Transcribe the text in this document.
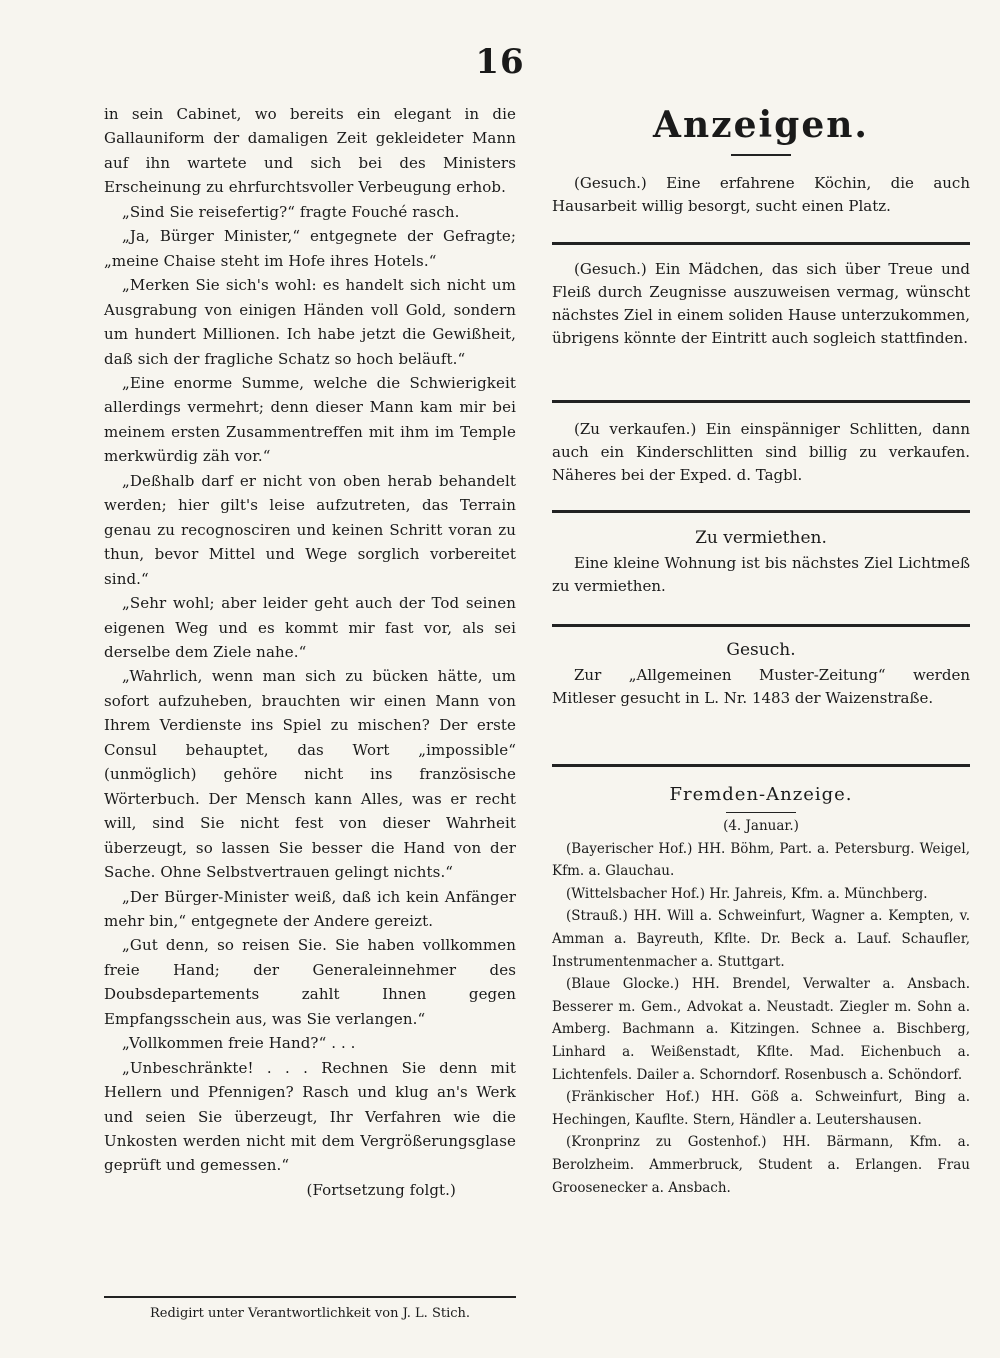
16

in sein Cabinet, wo bereits ein elegant in die Gallauniform der damaligen Zeit gekleideter Mann auf ihn wartete und sich bei des Ministers Erscheinung zu ehrfurchtsvoller Verbeugung erhob.

„Sind Sie reisefertig?“ fragte Fouché rasch.

„Ja, Bürger Minister,“ entgegnete der Gefragte; „meine Chaise steht im Hofe ihres Hotels.“

„Merken Sie sich's wohl: es handelt sich nicht um Ausgrabung von einigen Händen voll Gold, sondern um hundert Millionen. Ich habe jetzt die Gewißheit, daß sich der fragliche Schatz so hoch beläuft.“

„Eine enorme Summe, welche die Schwierigkeit allerdings vermehrt; denn dieser Mann kam mir bei meinem ersten Zusammentreffen mit ihm im Temple merkwürdig zäh vor.“

„Deßhalb darf er nicht von oben herab behandelt werden; hier gilt's leise aufzutreten, das Terrain genau zu recognosciren und keinen Schritt voran zu thun, bevor Mittel und Wege sorglich vorbereitet sind.“

„Sehr wohl; aber leider geht auch der Tod seinen eigenen Weg und es kommt mir fast vor, als sei derselbe dem Ziele nahe.“

„Wahrlich, wenn man sich zu bücken hätte, um sofort aufzuheben, brauchten wir einen Mann von Ihrem Verdienste ins Spiel zu mischen? Der erste Consul behauptet, das Wort „impossible“ (unmöglich) gehöre nicht ins französische Wörterbuch. Der Mensch kann Alles, was er recht will, sind Sie nicht fest von dieser Wahrheit überzeugt, so lassen Sie besser die Hand von der Sache. Ohne Selbstvertrauen gelingt nichts.“

„Der Bürger-Minister weiß, daß ich kein Anfänger mehr bin,“ entgegnete der Andere gereizt.

„Gut denn, so reisen Sie. Sie haben vollkommen freie Hand; der Generaleinnehmer des Doubsdepartements zahlt Ihnen gegen Empfangsschein aus, was Sie verlangen.“

„Vollkommen freie Hand?“ . . .

„Unbeschränkte! . . . Rechnen Sie denn mit Hellern und Pfennigen? Rasch und klug an's Werk und seien Sie überzeugt, Ihr Verfahren wie die Unkosten werden nicht mit dem Vergrößerungsglase geprüft und gemessen.“

(Fortsetzung folgt.)

Redigirt unter Verantwortlichkeit von J. L. Stich.
Anzeigen.

(Gesuch.) Eine erfahrene Köchin, die auch Hausarbeit willig besorgt, sucht einen Platz.

(Gesuch.) Ein Mädchen, das sich über Treue und Fleiß durch Zeugnisse auszuweisen vermag, wünscht nächstes Ziel in einem soliden Hause unterzukommen, übrigens könnte der Eintritt auch sogleich stattfinden.

(Zu verkaufen.) Ein einspänniger Schlitten, dann auch ein Kinderschlitten sind billig zu verkaufen. Näheres bei der Exped. d. Tagbl.

Zu vermiethen.

Eine kleine Wohnung ist bis nächstes Ziel Lichtmeß zu vermiethen.

Gesuch.

Zur „Allgemeinen Muster-Zeitung“ werden Mitleser gesucht in L. Nr. 1483 der Waizenstraße.

Fremden-Anzeige.

(4. Januar.)

(Bayerischer Hof.) HH. Böhm, Part. a. Petersburg. Weigel, Kfm. a. Glauchau.

(Wittelsbacher Hof.) Hr. Jahreis, Kfm. a. Münchberg.

(Strauß.) HH. Will a. Schweinfurt, Wagner a. Kempten, v. Amman a. Bayreuth, Kflte. Dr. Beck a. Lauf. Schaufler, Instrumentenmacher a. Stuttgart.

(Blaue Glocke.) HH. Brendel, Verwalter a. Ansbach. Besserer m. Gem., Advokat a. Neustadt. Ziegler m. Sohn a. Amberg. Bachmann a. Kitzingen. Schnee a. Bischberg, Linhard a. Weißenstadt, Kflte. Mad. Eichenbuch a. Lichtenfels. Dailer a. Schorndorf. Rosenbusch a. Schöndorf.

(Fränkischer Hof.) HH. Göß a. Schweinfurt, Bing a. Hechingen, Kauflte. Stern, Händler a. Leutershausen.

(Kronprinz zu Gostenhof.) HH. Bärmann, Kfm. a. Berolzheim. Ammerbruck, Student a. Erlangen. Frau Groosenecker a. Ansbach.
